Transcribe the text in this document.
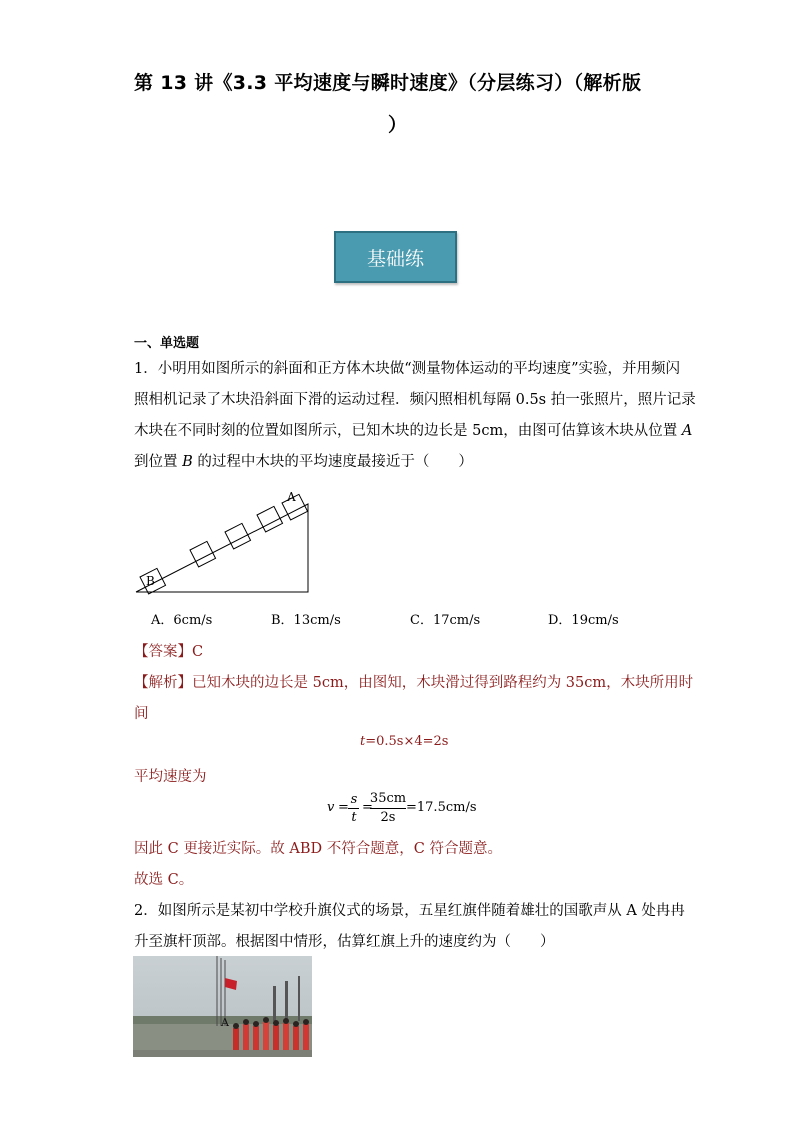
第 13 讲《3.3 平均速度与瞬时速度》（分层练习）（解析版
）
基础练
一、单选题
1．小明用如图所示的斜面和正方体木块做“测量物体运动的平均速度”实验，并用频闪
照相机记录了木块沿斜面下滑的运动过程．频闪照相机每隔 0.5s 拍一张照片，照片记录
木块在不同时刻的位置如图所示，已知木块的边长是 5cm，由图可估算该木块从位置 A
到位置 B 的过程中木块的平均速度最接近于（　　）
B
A
A．6cm/s	B．13cm/s	C．17cm/s	D．19cm/s
【答案】C
【解析】已知木块的边长是 5cm，由图知，木块滑过得到路程约为 35cm，木块所用时
间
t=0.5s×4=2s
平均速度为
v =
s
t
=
35cm
2s
=17.5cm/s
因此 C 更接近实际。故 ABD 不符合题意，C 符合题意。
故选 C。
2．如图所示是某初中学校升旗仪式的场景，五星红旗伴随着雄壮的国歌声从 A 处冉冉
升至旗杆顶部。根据图中情形，估算红旗上升的速度约为（　　）
A
